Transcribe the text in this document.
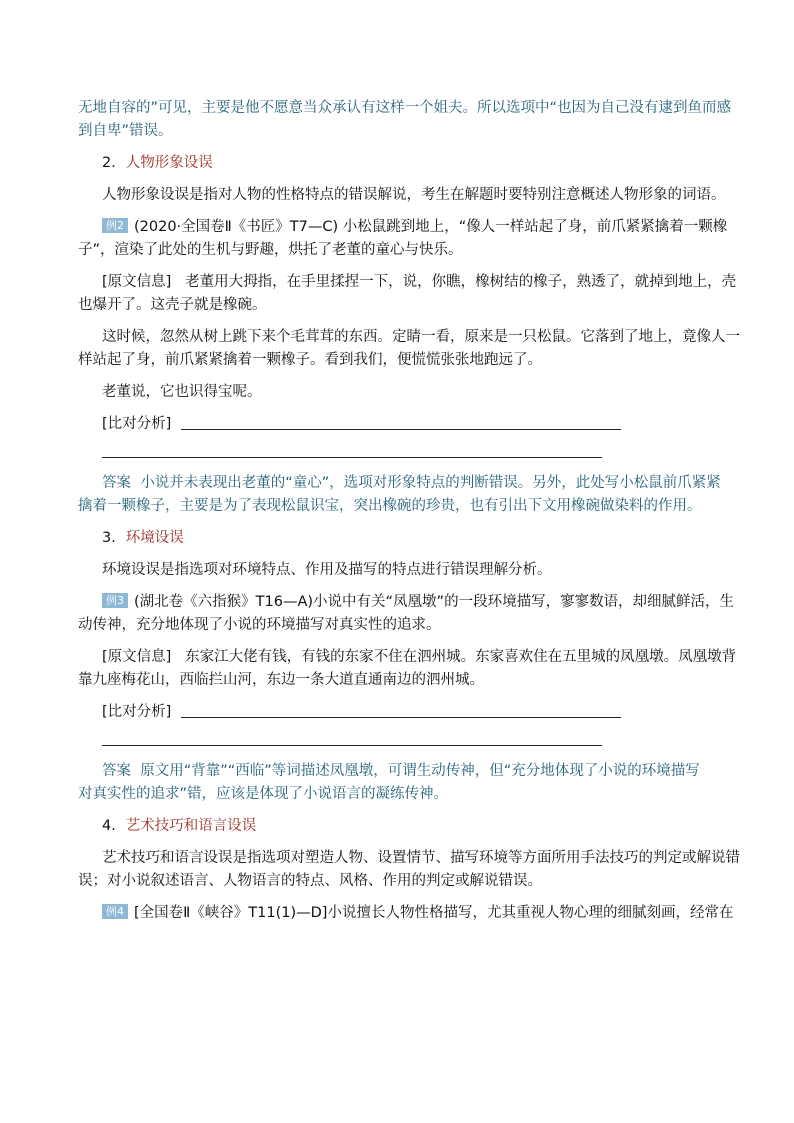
无地自容的”可见，主要是他不愿意当众承认有这样一个姐夫。所以选项中“也因为自己没有逮到鱼而感
到自卑”错误。
2．人物形象设误
人物形象设误是指对人物的性格特点的错误解说，考生在解题时要特别注意概述人物形象的词语。
例2 (2020·全国卷Ⅱ《书匠》T7—C) 小松鼠跳到地上，“像人一样站起了身，前爪紧紧擒着一颗橡
子”，渲染了此处的生机与野趣，烘托了老董的童心与快乐。
[原文信息] 老董用大拇指，在手里揉捏一下，说，你瞧，橡树结的橡子，熟透了，就掉到地上，壳
也爆开了。这壳子就是橡碗。
这时候，忽然从树上跳下来个毛茸茸的东西。定睛一看，原来是一只松鼠。它落到了地上，竟像人一
样站起了身，前爪紧紧擒着一颗橡子。看到我们，便慌慌张张地跑远了。
老董说，它也识得宝呢。
[比对分析]
答案 小说并未表现出老董的“童心”，选项对形象特点的判断错误。另外，此处写小松鼠前爪紧紧
擒着一颗橡子，主要是为了表现松鼠识宝，突出橡碗的珍贵，也有引出下文用橡碗做染料的作用。
3．环境设误
环境设误是指选项对环境特点、作用及描写的特点进行错误理解分析。
例3 (湖北卷《六指猴》T16—A)小说中有关“凤凰墩”的一段环境描写，寥寥数语，却细腻鲜活，生
动传神，充分地体现了小说的环境描写对真实性的追求。
[原文信息] 东家江大佬有钱，有钱的东家不住在泗州城。东家喜欢住在五里城的凤凰墩。凤凰墩背
靠九座梅花山，西临拦山河，东边一条大道直通南边的泗州城。
[比对分析]
答案 原文用“背靠”“西临”等词描述凤凰墩，可谓生动传神，但“充分地体现了小说的环境描写
对真实性的追求”错，应该是体现了小说语言的凝练传神。
4．艺术技巧和语言设误
艺术技巧和语言设误是指选项对塑造人物、设置情节、描写环境等方面所用手法技巧的判定或解说错
误；对小说叙述语言、人物语言的特点、风格、作用的判定或解说错误。
例4 [全国卷Ⅱ《峡谷》T11(1)—D]小说擅长人物性格描写，尤其重视人物心理的细腻刻画，经常在
